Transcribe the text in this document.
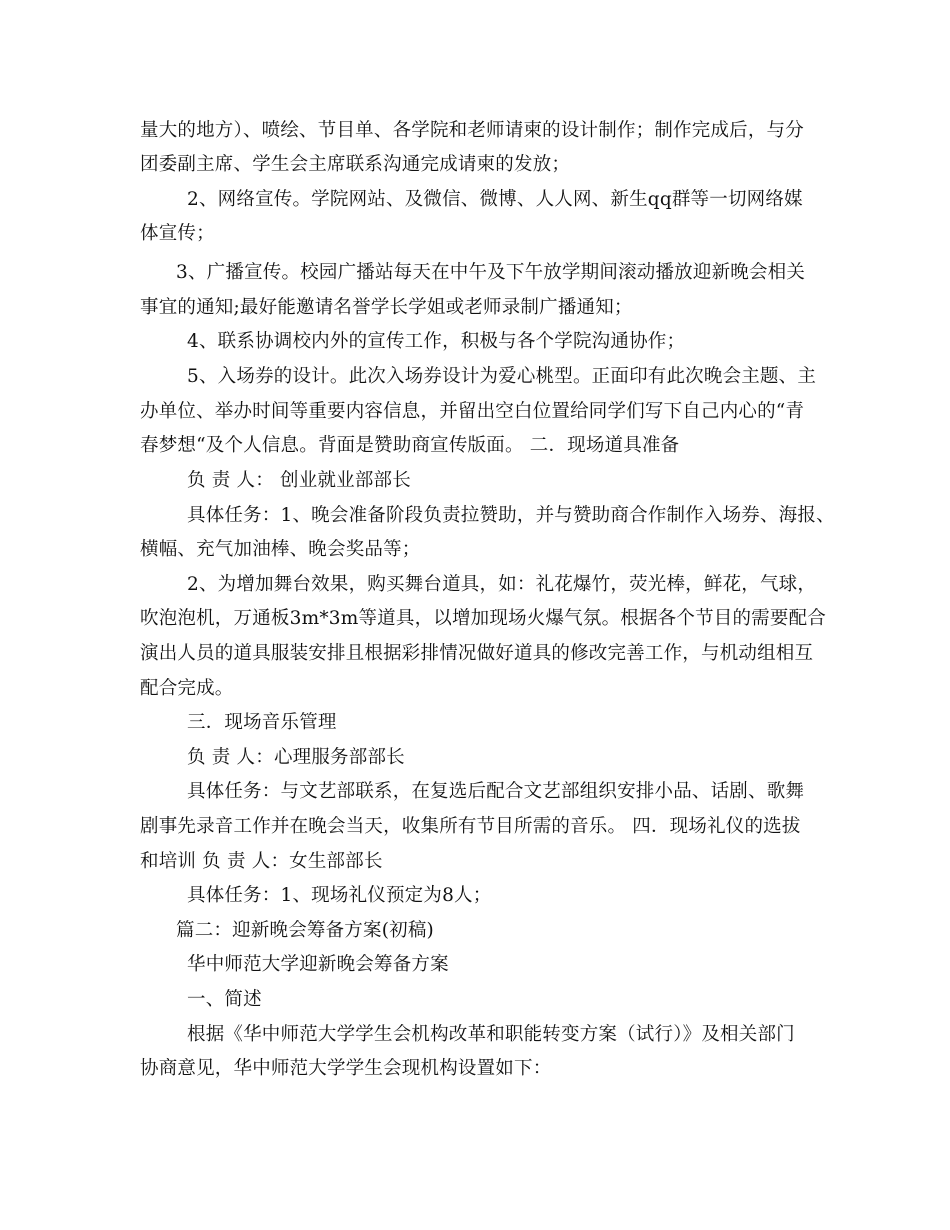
量大的地方）、喷绘、节目单、各学院和老师请柬的设计制作；制作完成后，与分
团委副主席、学生会主席联系沟通完成请柬的发放；
2、网络宣传。学院网站、及微信、微博、人人网、新生qq群等一切网络媒
体宣传；
3、广播宣传。校园广播站每天在中午及下午放学期间滚动播放迎新晚会相关
事宜的通知;最好能邀请名誉学长学姐或老师录制广播通知；
4、联系协调校内外的宣传工作，积极与各个学院沟通协作；
5、入场券的设计。此次入场券设计为爱心桃型。正面印有此次晚会主题、主
办单位、举办时间等重要内容信息，并留出空白位置给同学们写下自己内心的“青
春梦想“及个人信息。背面是赞助商宣传版面。 二．现场道具准备
负 责 人： 创业就业部部长
具体任务：1、晚会准备阶段负责拉赞助，并与赞助商合作制作入场券、海报、
横幅、充气加油棒、晚会奖品等；
2、为增加舞台效果，购买舞台道具，如：礼花爆竹，荧光棒，鲜花，气球，
吹泡泡机，万通板3m*3m等道具，以增加现场火爆气氛。根据各个节目的需要配合
演出人员的道具服装安排且根据彩排情况做好道具的修改完善工作，与机动组相互
配合完成。
三．现场音乐管理
负 责 人：心理服务部部长
具体任务：与文艺部联系，在复选后配合文艺部组织安排小品、话剧、歌舞
剧事先录音工作并在晚会当天，收集所有节目所需的音乐。 四．现场礼仪的选拔
和培训 负 责 人：女生部部长
具体任务：1、现场礼仪预定为8人；
篇二：迎新晚会筹备方案(初稿)
华中师范大学迎新晚会筹备方案
一、简述
根据《华中师范大学学生会机构改革和职能转变方案（试行）》及相关部门
协商意见，华中师范大学学生会现机构设置如下：
